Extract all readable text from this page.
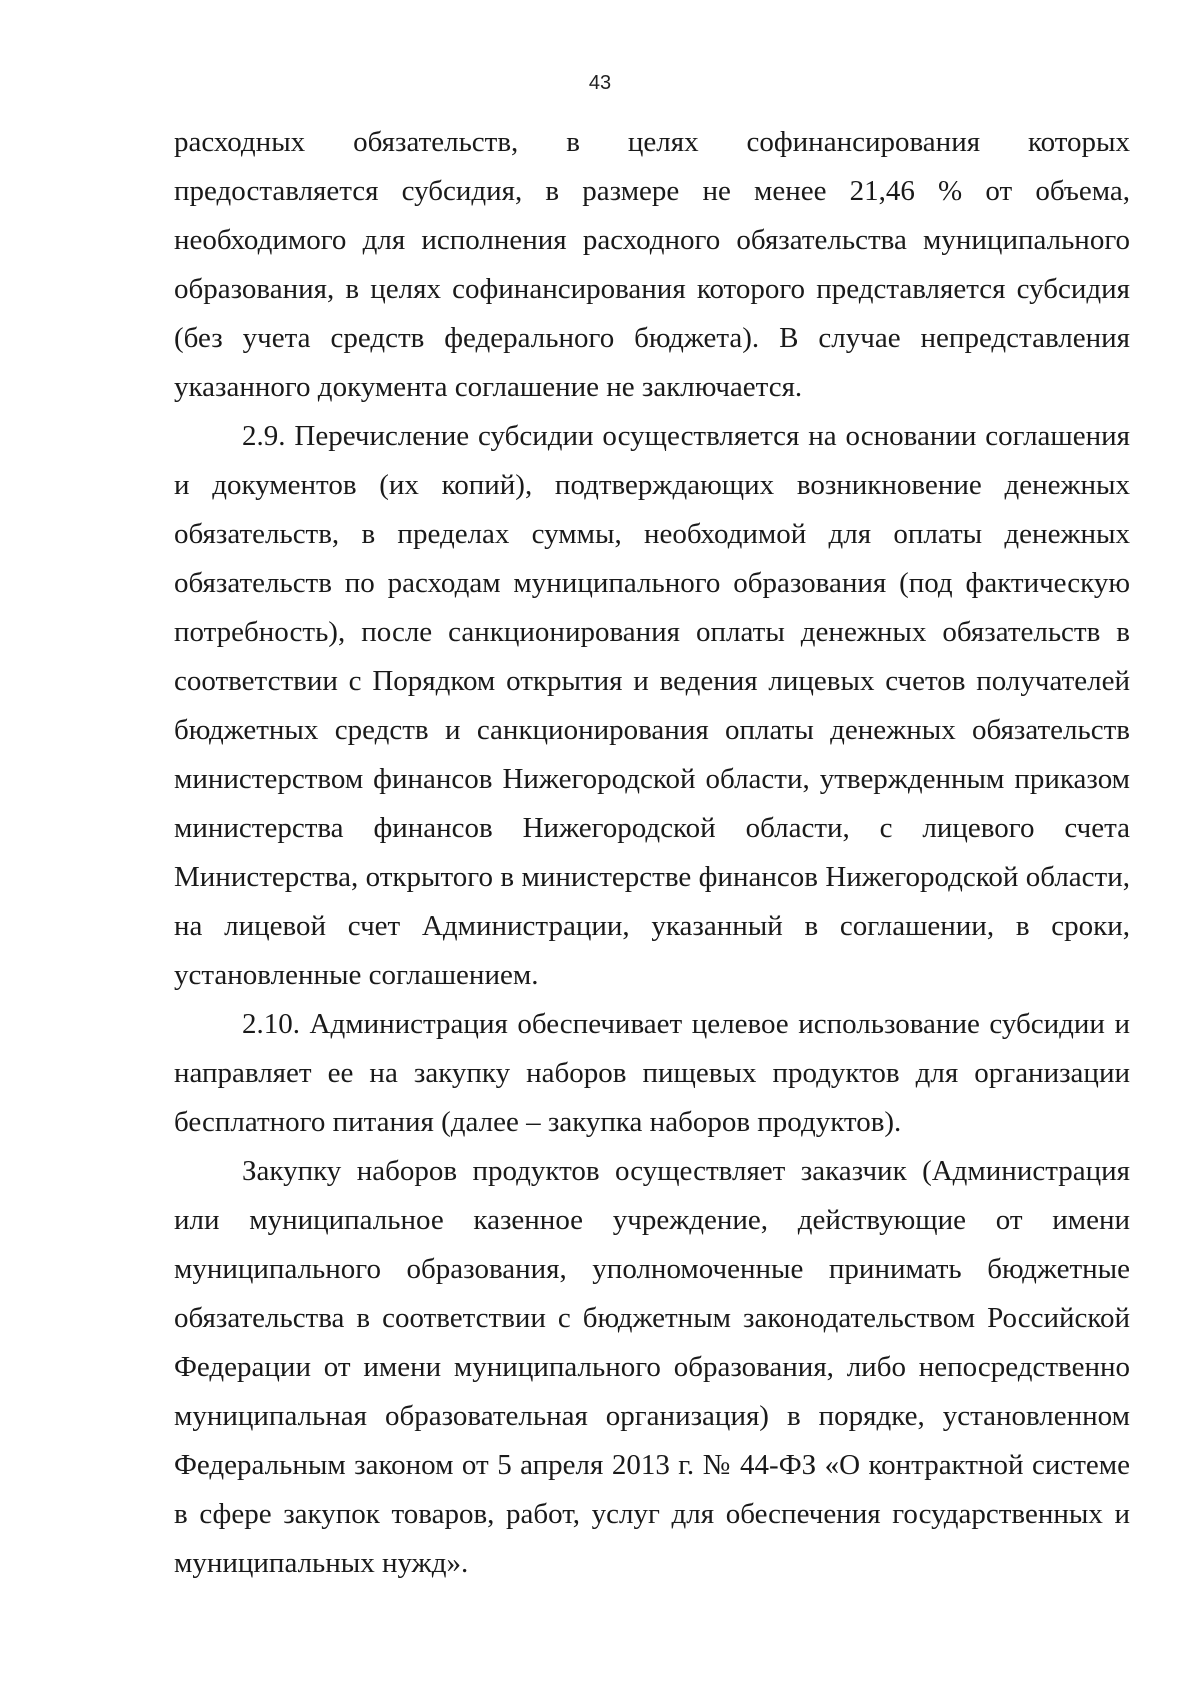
43

расходных обязательств, в целях софинансирования которых предоставляется субсидия, в размере не менее 21,46 % от объема, необходимого для исполнения расходного обязательства муниципального образования, в целях софинансирования которого представляется субсидия (без учета средств федерального бюджета). В случае непредставления указанного документа соглашение не заключается.

2.9. Перечисление субсидии осуществляется на основании соглашения и документов (их копий), подтверждающих возникновение денежных обязательств, в пределах суммы, необходимой для оплаты денежных обязательств по расходам муниципального образования (под фактическую потребность), после санкционирования оплаты денежных обязательств в соответствии с Порядком открытия и ведения лицевых счетов получателей бюджетных средств и санкционирования оплаты денежных обязательств министерством финансов Нижегородской области, утвержденным приказом министерства финансов Нижегородской области, с лицевого счета Министерства, открытого в министерстве финансов Нижегородской области, на лицевой счет Администрации, указанный в соглашении, в сроки, установленные соглашением.

2.10. Администрация обеспечивает целевое использование субсидии и направляет ее на закупку наборов пищевых продуктов для организации бесплатного питания (далее – закупка наборов продуктов).

Закупку наборов продуктов осуществляет заказчик (Администрация или муниципальное казенное учреждение, действующие от имени муниципального образования, уполномоченные принимать бюджетные обязательства в соответствии с бюджетным законодательством Российской Федерации от имени муниципального образования, либо непосредственно муниципальная образовательная организация) в порядке, установленном Федеральным законом от 5 апреля 2013 г. № 44-ФЗ «О контрактной системе в сфере закупок товаров, работ, услуг для обеспечения государственных и муниципальных нужд».
